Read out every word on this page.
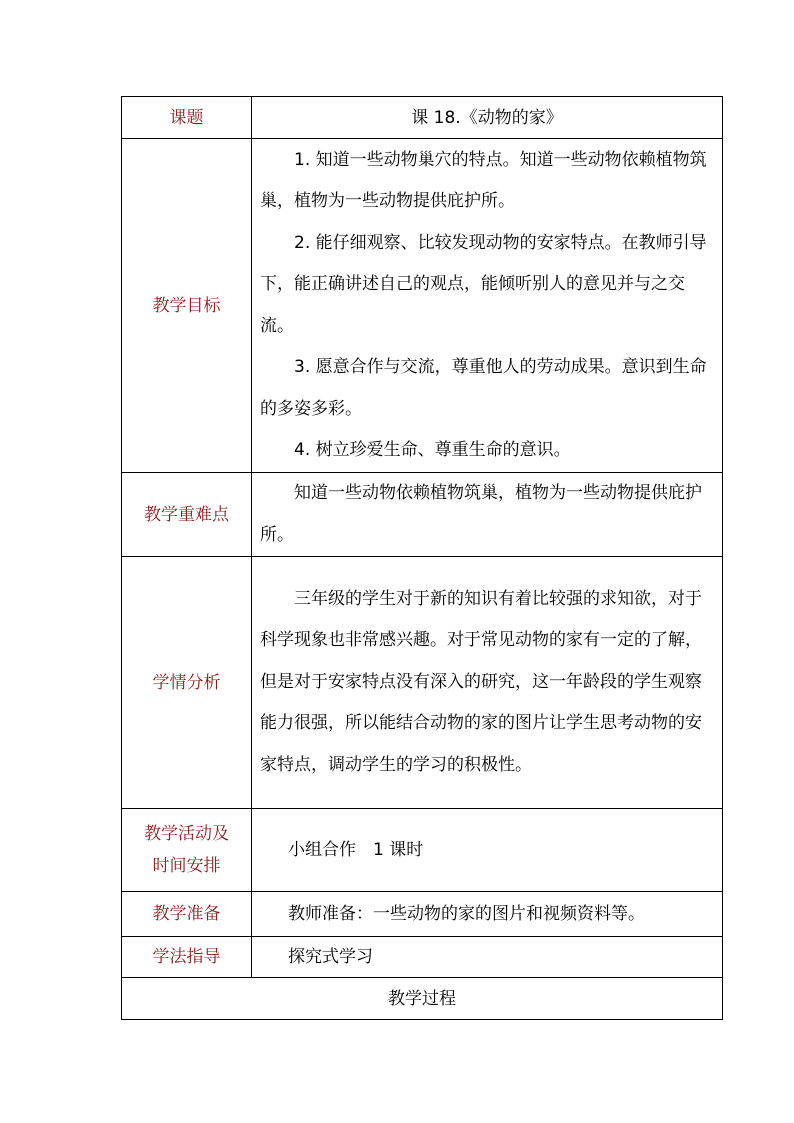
课题	课 18.《动物的家》
教学目标	1. 知道一些动物巢穴的特点。知道一些动物依赖植物筑巢，植物为一些动物提供庇护所。

2. 能仔细观察、比较发现动物的安家特点。在教师引导下，能正确讲述自己的观点，能倾听别人的意见并与之交流。

3. 愿意合作与交流，尊重他人的劳动成果。意识到生命的多姿多彩。

4. 树立珍爱生命、尊重生命的意识。

教学重难点	知道一些动物依赖植物筑巢，植物为一些动物提供庇护所。

学情分析	三年级的学生对于新的知识有着比较强的求知欲，对于科学现象也非常感兴趣。对于常见动物的家有一定的了解，但是对于安家特点没有深入的研究，这一年龄段的学生观察能力很强，所以能结合动物的家的图片让学生思考动物的安家特点，调动学生的学习的积极性。

教学活动及
时间安排	小组合作　1 课时

教学准备	教师准备：一些动物的家的图片和视频资料等。

学法指导	探究式学习

教学过程	
